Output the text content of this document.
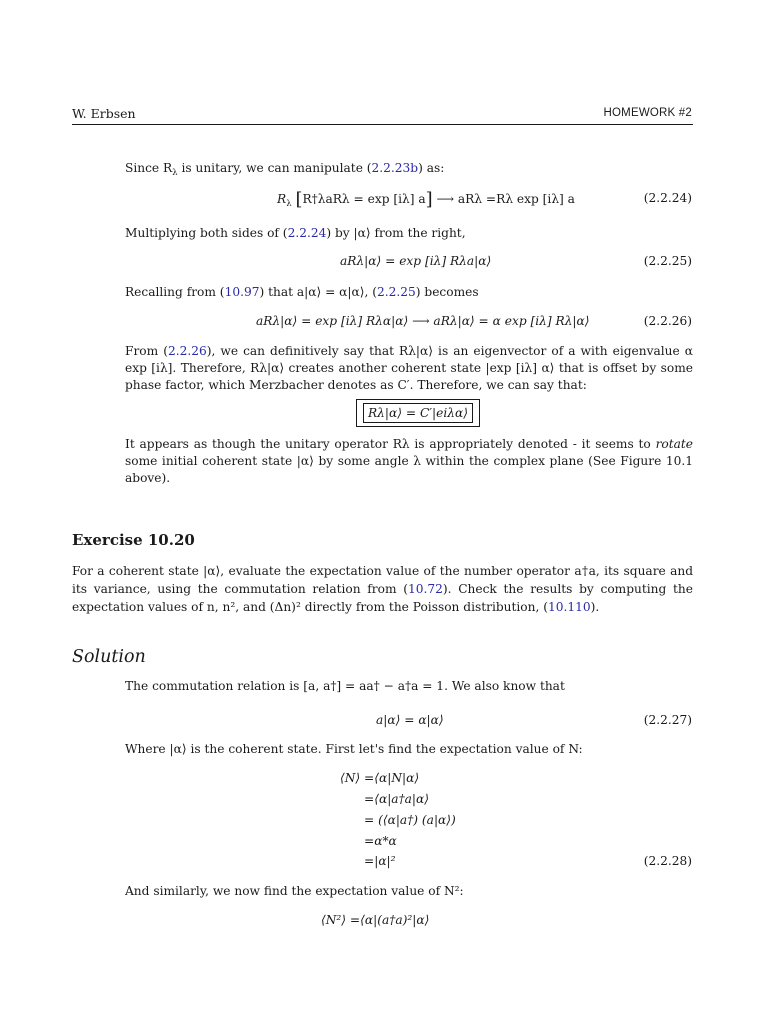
W. Erbsen	HOMEWORK #2
Since $R_\lambda$ is unitary, we can manipulate (2.2.23b) as:
$R_\lambda$ [R†λaRλ = exp [iλ] a] ⟶ aRλ =Rλ exp [iλ] a	(2.2.24)
Multiplying both sides of (2.2.24) by |α⟩ from the right,
aRλ|α⟩ = exp [iλ] Rλa|α⟩	(2.2.25)
Recalling from (10.97) that a|α⟩ = α|α⟩, (2.2.25) becomes
aRλ|α⟩ = exp [iλ] Rλα|α⟩ ⟶ aRλ|α⟩ = α exp [iλ] Rλ|α⟩	(2.2.26)
From (2.2.26), we can definitively say that Rλ|α⟩ is an eigenvector of a with eigenvalue α exp [iλ]. Therefore, Rλ|α⟩ creates another coherent state |exp [iλ] α⟩ that is offset by some phase factor, which Merzbacher denotes as C′. Therefore, we can say that:
Rλ|α⟩ = C′|eiλα⟩
It appears as though the unitary operator Rλ is appropriately denoted - it seems to rotate some initial coherent state |α⟩ by some angle λ within the complex plane (See Figure 10.1 above).
Exercise 10.20
For a coherent state |α⟩, evaluate the expectation value of the number operator a†a, its square and its variance, using the commutation relation from (10.72). Check the results by computing the expectation values of n, n², and (Δn)² directly from the Poisson distribution, (10.110).
Solution
The commutation relation is [a, a†] = aa† − a†a = 1. We also know that
a|α⟩ = α|α⟩	(2.2.27)
Where |α⟩ is the coherent state. First let's find the expectation value of N:
⟨N⟩ =⟨α|N|α⟩
=⟨α|a†a|α⟩
= (⟨α|a†) (a|α⟩)
=α*α
=|α|²	(2.2.28)
And similarly, we now find the expectation value of N²:
⟨N²⟩ =⟨α|(a†a)²|α⟩
